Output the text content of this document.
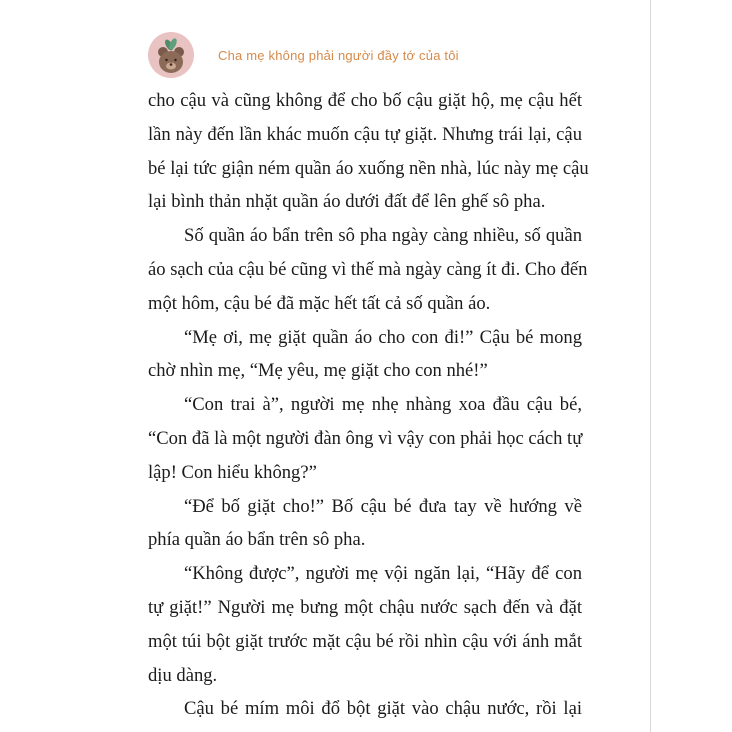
Cha mẹ không phải người đầy tớ của tôi
cho cậu và cũng không để cho bố cậu giặt hộ, mẹ cậu hết
lần này đến lần khác muốn cậu tự giặt. Nhưng trái lại, cậu
bé lại tức giận ném quần áo xuống nền nhà, lúc này mẹ cậu
lại bình thản nhặt quần áo dưới đất để lên ghế sô pha.
Số quần áo bẩn trên sô pha ngày càng nhiều, số quần
áo sạch của cậu bé cũng vì thế mà ngày càng ít đi. Cho đến
một hôm, cậu bé đã mặc hết tất cả số quần áo.
“Mẹ ơi, mẹ giặt quần áo cho con đi!” Cậu bé mong
chờ nhìn mẹ, “Mẹ yêu, mẹ giặt cho con nhé!”
“Con trai à”, người mẹ nhẹ nhàng xoa đầu cậu bé,
“Con đã là một người đàn ông vì vậy con phải học cách tự
lập! Con hiểu không?”
“Để bố giặt cho!” Bố cậu bé đưa tay về hướng về
phía quần áo bẩn trên sô pha.
“Không được”, người mẹ vội ngăn lại, “Hãy để con
tự giặt!” Người mẹ bưng một chậu nước sạch đến và đặt
một túi bột giặt trước mặt cậu bé rồi nhìn cậu với ánh mắt
dịu dàng.
Cậu bé mím môi đổ bột giặt vào chậu nước, rồi lại
